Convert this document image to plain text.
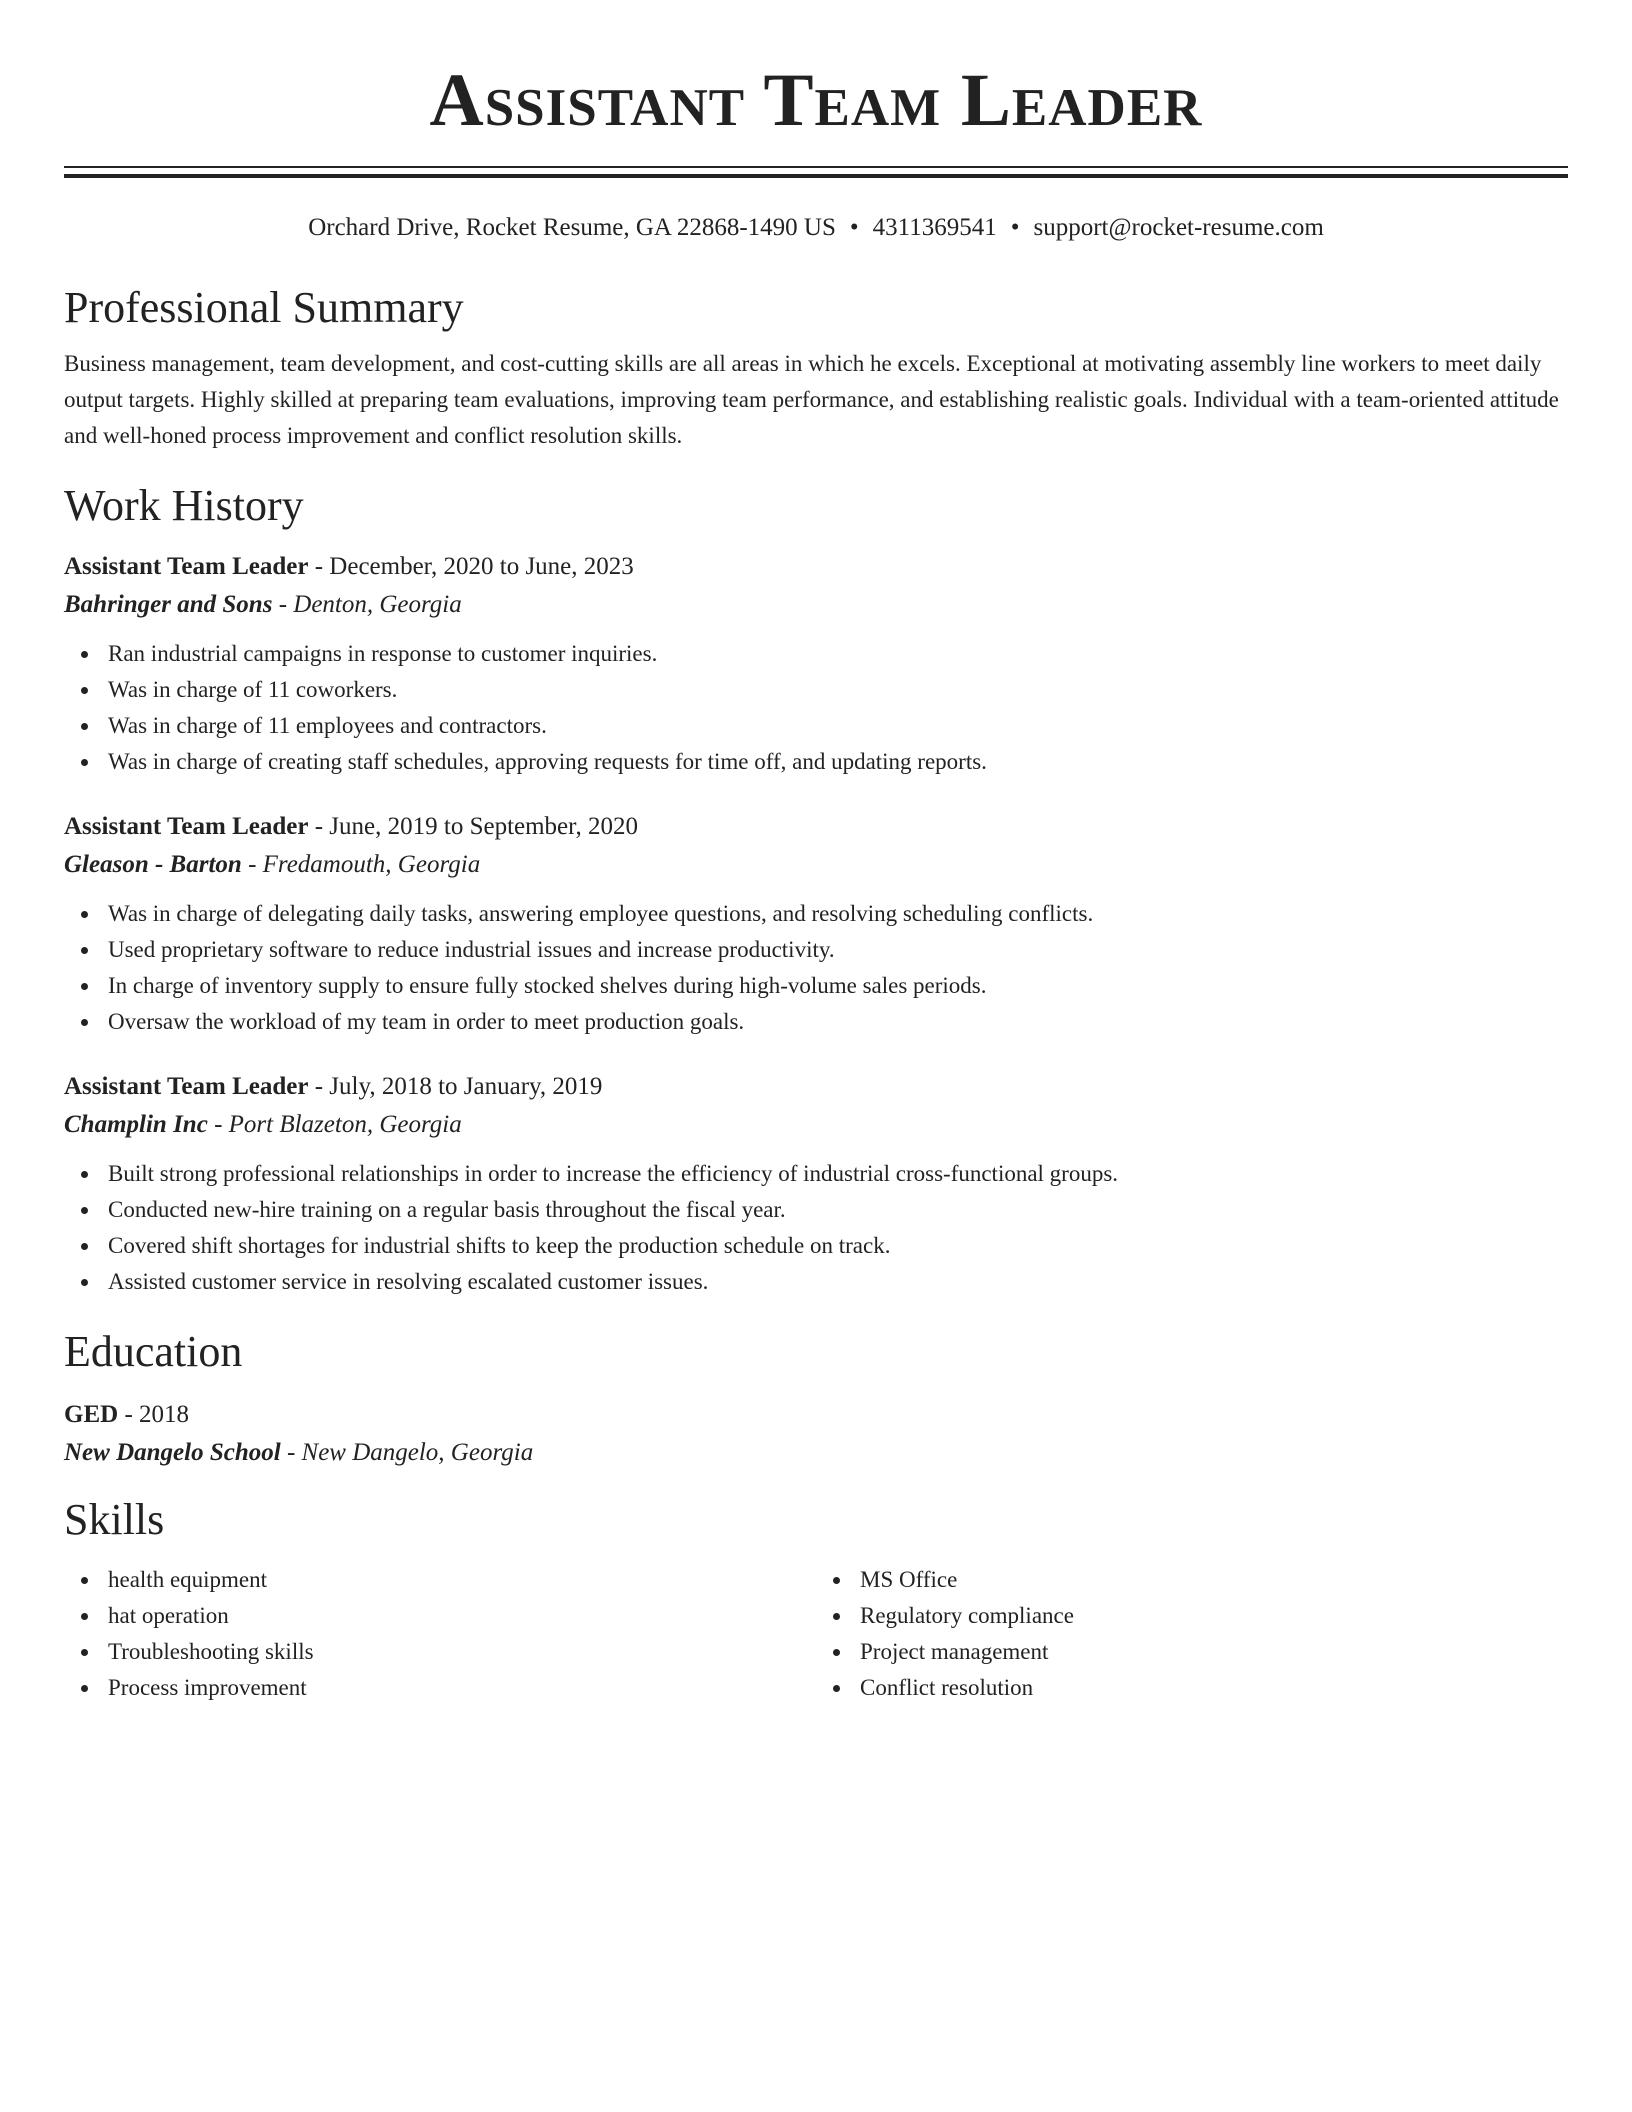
Assistant Team Leader
Orchard Drive, Rocket Resume, GA 22868-1490 US • 4311369541 • support@rocket-resume.com
Professional Summary
Business management, team development, and cost-cutting skills are all areas in which he excels. Exceptional at motivating assembly line workers to meet daily output targets. Highly skilled at preparing team evaluations, improving team performance, and establishing realistic goals. Individual with a team-oriented attitude and well-honed process improvement and conflict resolution skills.
Work History
Assistant Team Leader - December, 2020 to June, 2023
Bahringer and Sons - Denton, Georgia
Ran industrial campaigns in response to customer inquiries.
Was in charge of 11 coworkers.
Was in charge of 11 employees and contractors.
Was in charge of creating staff schedules, approving requests for time off, and updating reports.
Assistant Team Leader - June, 2019 to September, 2020
Gleason - Barton - Fredamouth, Georgia
Was in charge of delegating daily tasks, answering employee questions, and resolving scheduling conflicts.
Used proprietary software to reduce industrial issues and increase productivity.
In charge of inventory supply to ensure fully stocked shelves during high-volume sales periods.
Oversaw the workload of my team in order to meet production goals.
Assistant Team Leader - July, 2018 to January, 2019
Champlin Inc - Port Blazeton, Georgia
Built strong professional relationships in order to increase the efficiency of industrial cross-functional groups.
Conducted new-hire training on a regular basis throughout the fiscal year.
Covered shift shortages for industrial shifts to keep the production schedule on track.
Assisted customer service in resolving escalated customer issues.
Education
GED - 2018
New Dangelo School - New Dangelo, Georgia
Skills
health equipment
hat operation
Troubleshooting skills
Process improvement
MS Office
Regulatory compliance
Project management
Conflict resolution
